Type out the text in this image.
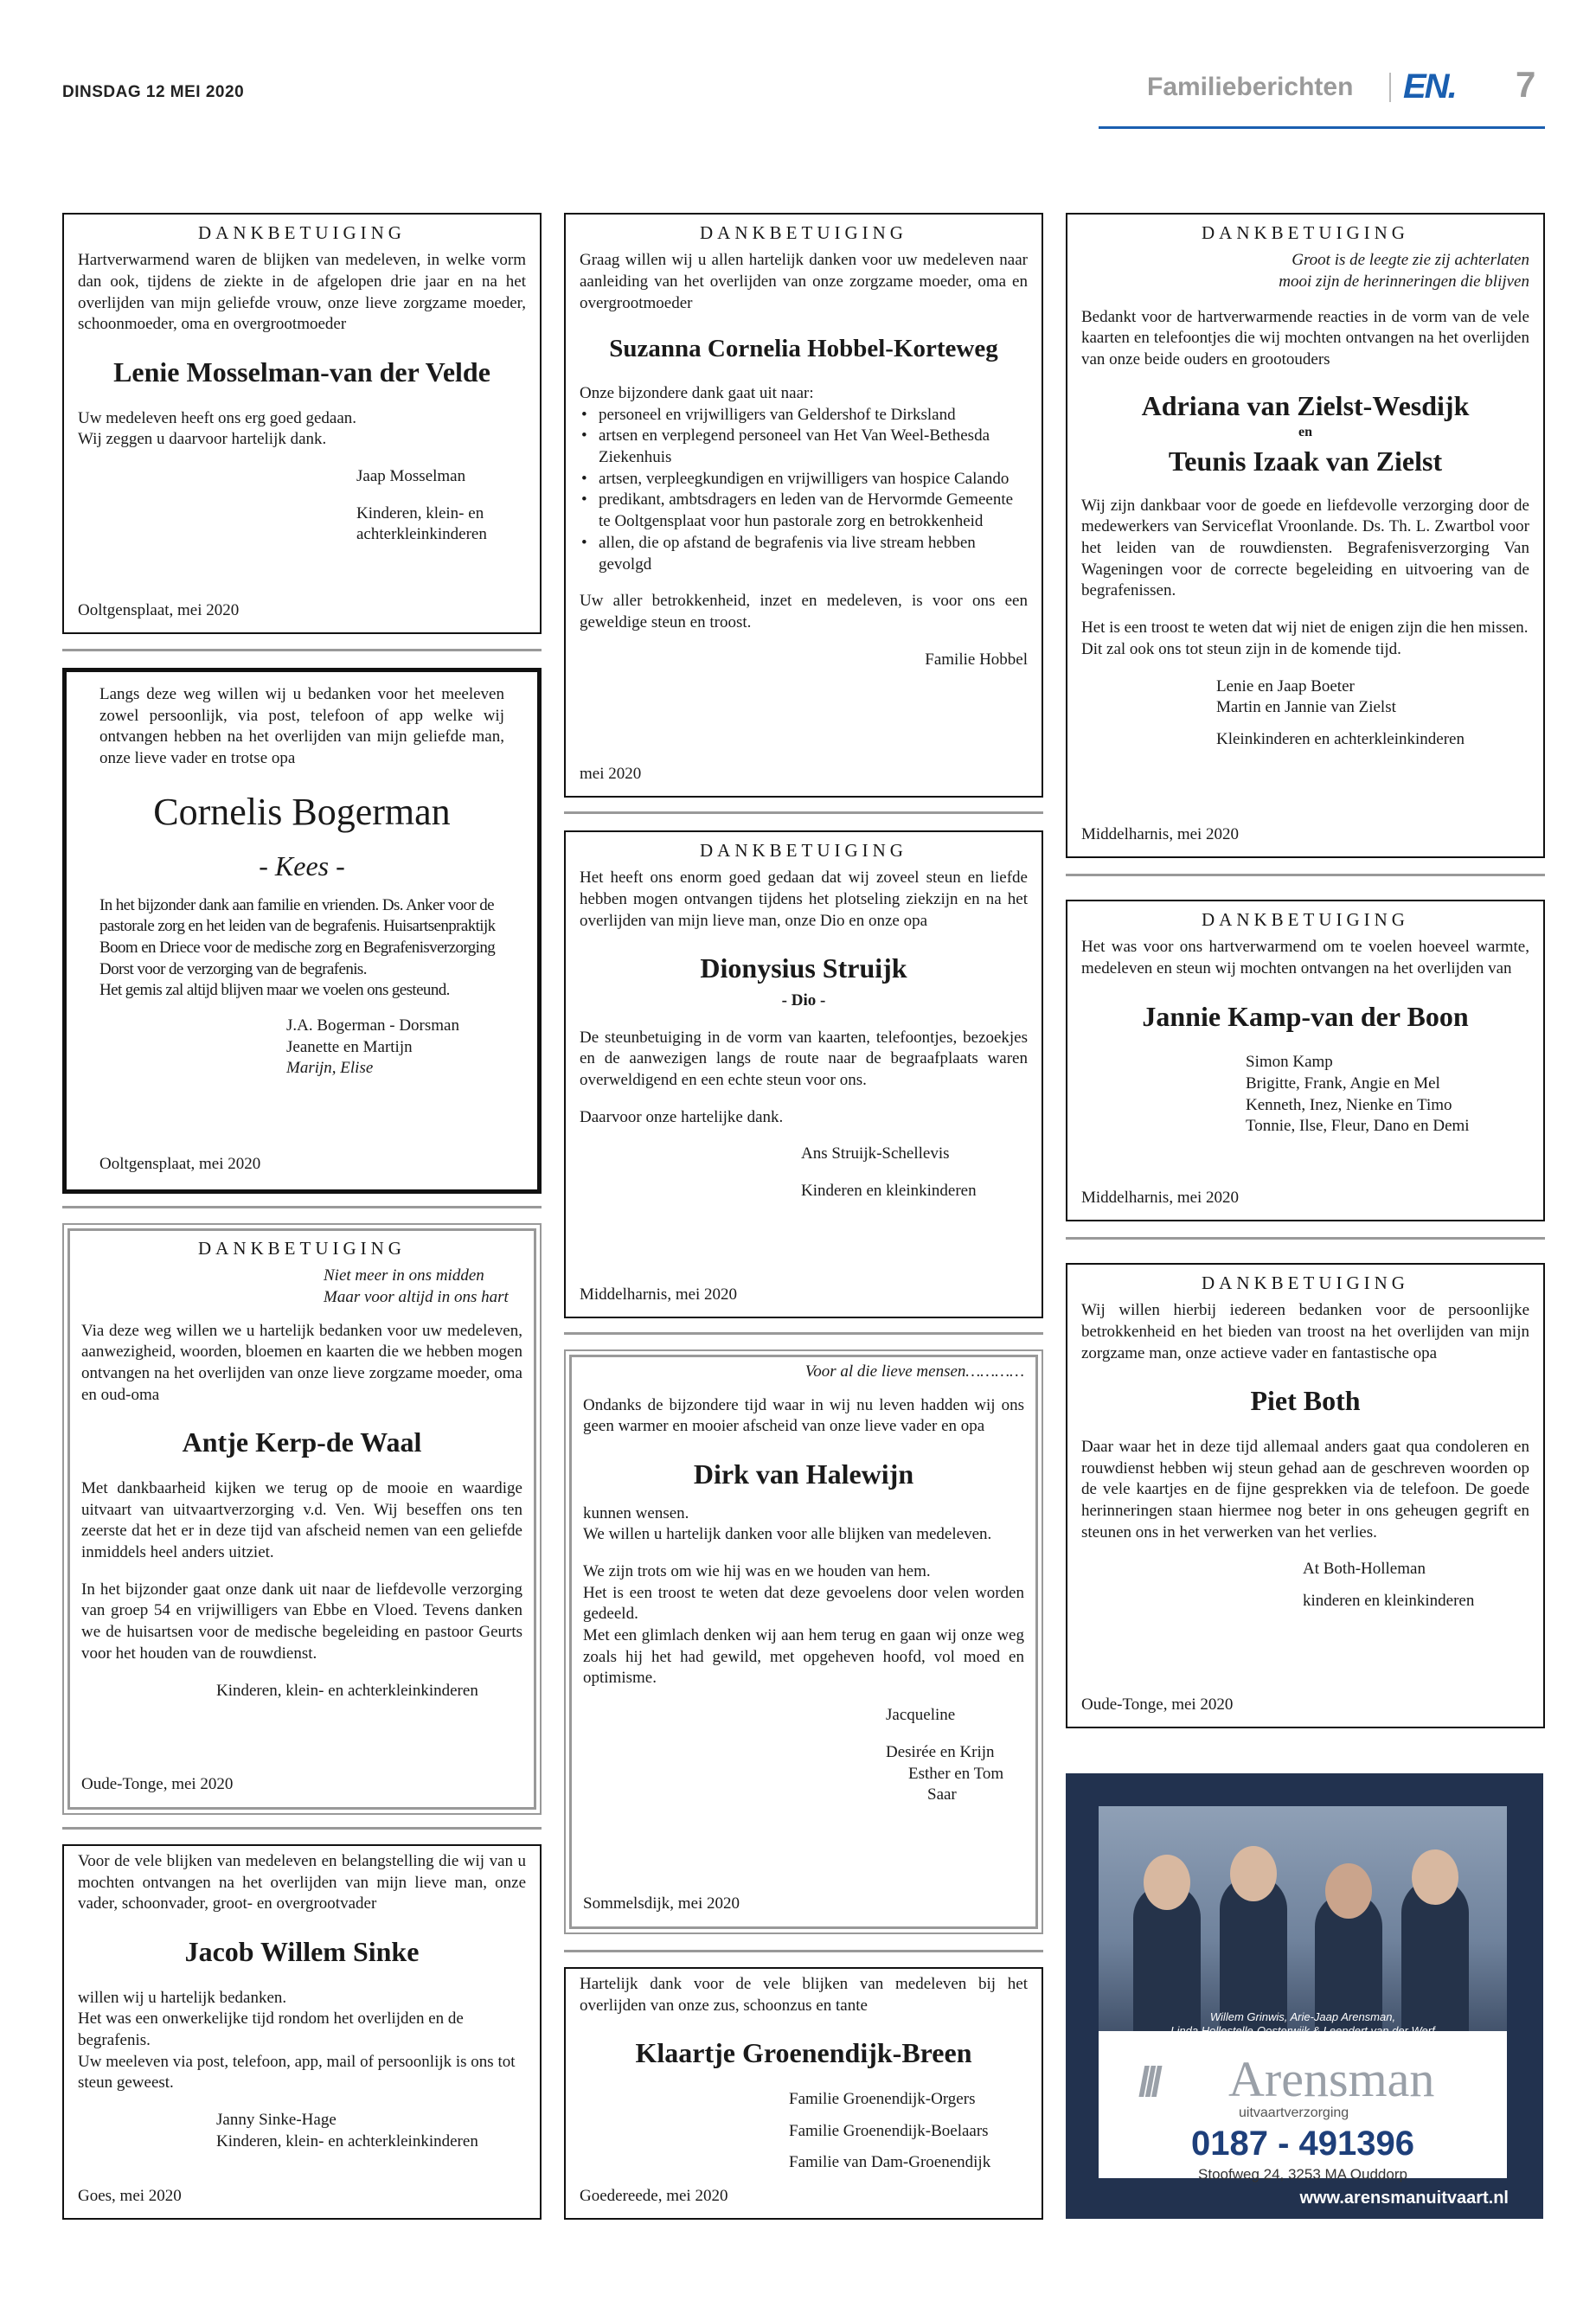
DINSDAG 12 MEI 2020	Familieberichten EN. 7
DANKBETUIGING

Hartverwarmend waren de blijken van medeleven, in welke vorm dan ook, tijdens de ziekte in de afgelopen drie jaar en na het overlijden van mijn geliefde vrouw, onze lieve zorgzame moeder, schoonmoeder, oma en overgrootmoeder

Lenie Mosselman-van der Velde
Uw medeleven heeft ons erg goed gedaan.
Wij zeggen u daarvoor hartelijk dank.
Jaap Mosselman
Kinderen, klein- en
achterkleinkinderen
Ooltgensplaat, mei 2020

Langs deze weg willen wij u bedanken voor het meeleven zowel persoonlijk, via post, telefoon of app welke wij ontvangen hebben na het overlijden van mijn geliefde man, onze lieve vader en trotse opa

Cornelis Bogerman
- Kees -

In het bijzonder dank aan familie en vrienden. Ds. Anker voor de pastorale zorg en het leiden van de begrafenis. Huisartsenpraktijk Boom en Driece voor de medische zorg en Begrafenisverzorging Dorst voor de verzorging van de begrafenis.

Het gemis zal altijd blijven maar we voelen ons gesteund.

J.A. Bogerman - Dorsman
Jeanette en Martijn
Marijn, Elise
Ooltgensplaat, mei 2020
DANKBETUIGING
Niet meer in ons midden
Maar voor altijd in ons hart

Via deze weg willen we u hartelijk bedanken voor uw medeleven, aanwezigheid, woorden, bloemen en kaarten die we hebben mogen ontvangen na het overlijden van onze lieve zorgzame moeder, oma en oud-oma

Antje Kerp-de Waal

Met dankbaarheid kijken we terug op de mooie en waardige uitvaart van uitvaartverzorging v.d. Ven. Wij beseffen ons ten zeerste dat het er in deze tijd van afscheid nemen van een geliefde inmiddels heel anders uitziet.

In het bijzonder gaat onze dank uit naar de liefdevolle verzorging van groep 54 en vrijwilligers van Ebbe en Vloed. Tevens danken we de huisartsen voor de medische begeleiding en pastoor Geurts voor het houden van de rouwdienst.

Kinderen, klein- en achterkleinkinderen
Oude-Tonge, mei 2020

Voor de vele blijken van medeleven en belangstelling die wij van u mochten ontvangen na het overlijden van mijn lieve man, onze vader, schoonvader, groot- en overgrootvader

Jacob Willem Sinke
willen wij u hartelijk bedanken.
Het was een onwerkelijke tijd rondom het overlijden en de begrafenis.
Uw meeleven via post, telefoon, app, mail of persoonlijk is ons tot steun geweest.
Janny Sinke-Hage
Kinderen, klein- en achterkleinkinderen
Goes, mei 2020
DANKBETUIGING

Graag willen wij u allen hartelijk danken voor uw medeleven naar aanleiding van het overlijden van onze zorgzame moeder, oma en overgrootmoeder

Suzanna Cornelia Hobbel-Korteweg
Onze bijzondere dank gaat uit naar:
• personeel en vrijwilligers van Geldershof te Dirksland
• artsen en verplegend personeel van Het Van Weel-Bethesda Ziekenhuis
• artsen, verpleegkundigen en vrijwilligers van hospice Calando
• predikant, ambtsdragers en leden van de Hervormde Gemeente te Ooltgensplaat voor hun pastorale zorg en betrokkenheid
• allen, die op afstand de begrafenis via live stream hebben gevolgd

Uw aller betrokkenheid, inzet en medeleven, is voor ons een geweldige steun en troost.

Familie Hobbel
mei 2020
DANKBETUIGING

Het heeft ons enorm goed gedaan dat wij zoveel steun en liefde hebben mogen ontvangen tijdens het plotseling ziekzijn en na het overlijden van mijn lieve man, onze Dio en onze opa

Dionysius Struijk
- Dio -

De steunbetuiging in de vorm van kaarten, telefoontjes, bezoekjes en de aanwezigen langs de route naar de begraafplaats waren overweldigend en een echte steun voor ons.

Daarvoor onze hartelijke dank.
Ans Struijk-Schellevis
Kinderen en kleinkinderen
Middelharnis, mei 2020
Voor al die lieve mensen…………

Ondanks de bijzondere tijd waar in wij nu leven hadden wij ons geen warmer en mooier afscheid van onze lieve vader en opa

Dirk van Halewijn
kunnen wensen.

We willen u hartelijk danken voor alle blijken van medeleven.

We zijn trots om wie hij was en we houden van hem.

Het is een troost te weten dat deze gevoelens door velen worden gedeeld.

Met een glimlach denken wij aan hem terug en gaan wij onze weg zoals hij het had gewild, met opgeheven hoofd, vol moed en optimisme.

Jacqueline
Desirée en Krijn
Esther en Tom
Saar
Sommelsdijk, mei 2020

Hartelijk dank voor de vele blijken van medeleven bij het overlijden van onze zus, schoonzus en tante

Klaartje Groenendijk-Breen
Familie Groenendijk-Orgers
Familie Groenendijk-Boelaars
Familie van Dam-Groenendijk
Goedereede, mei 2020
DANKBETUIGING
Groot is de leegte zie zij achterlaten
mooi zijn de herinneringen die blijven

Bedankt voor de hartverwarmende reacties in de vorm van de vele kaarten en telefoontjes die wij mochten ontvangen na het overlijden van onze beide ouders en grootouders

Adriana van Zielst-Wesdijk
en
Teunis Izaak van Zielst

Wij zijn dankbaar voor de goede en liefdevolle verzorging door de medewerkers van Serviceflat Vroonlande. Ds. Th. L. Zwartbol voor het leiden van de rouwdiensten. Begrafenisverzorging Van Wageningen voor de correcte begeleiding en uitvoering van de begrafenissen.

Het is een troost te weten dat wij niet de enigen zijn die hen missen.

Dit zal ook ons tot steun zijn in de komende tijd.
Lenie en Jaap Boeter
Martin en Jannie van Zielst
Kleinkinderen en achterkleinkinderen
Middelharnis, mei 2020
DANKBETUIGING

Het was voor ons hartverwarmend om te voelen hoeveel warmte, medeleven en steun wij mochten ontvangen na het overlijden van

Jannie Kamp-van der Boon
Simon Kamp
Brigitte, Frank, Angie en Mel
Kenneth, Inez, Nienke en Timo
Tonnie, Ilse, Fleur, Dano en Demi
Middelharnis, mei 2020
DANKBETUIGING

Wij willen hierbij iedereen bedanken voor de persoonlijke betrokkenheid en het bieden van troost na het overlijden van mijn zorgzame man, onze actieve vader en fantastische opa

Piet Both

Daar waar het in deze tijd allemaal anders gaat qua condoleren en rouwdienst hebben wij steun gehad aan de geschreven woorden op de vele kaartjes en de fijne gesprekken via de telefoon. De goede herinneringen staan hiermee nog beter in ons geheugen gegrift en steunen ons in het verwerken van het verlies.

At Both-Holleman
kinderen en kleinkinderen
Oude-Tonge, mei 2020
Willem Grinwis, Arie-Jaap Arensman,
/// Arensman
uitvaartverzorging
0187 - 491396
Stoofweg 24, 3253 MA Ouddorp
www.arensmanuitvaart.nl
